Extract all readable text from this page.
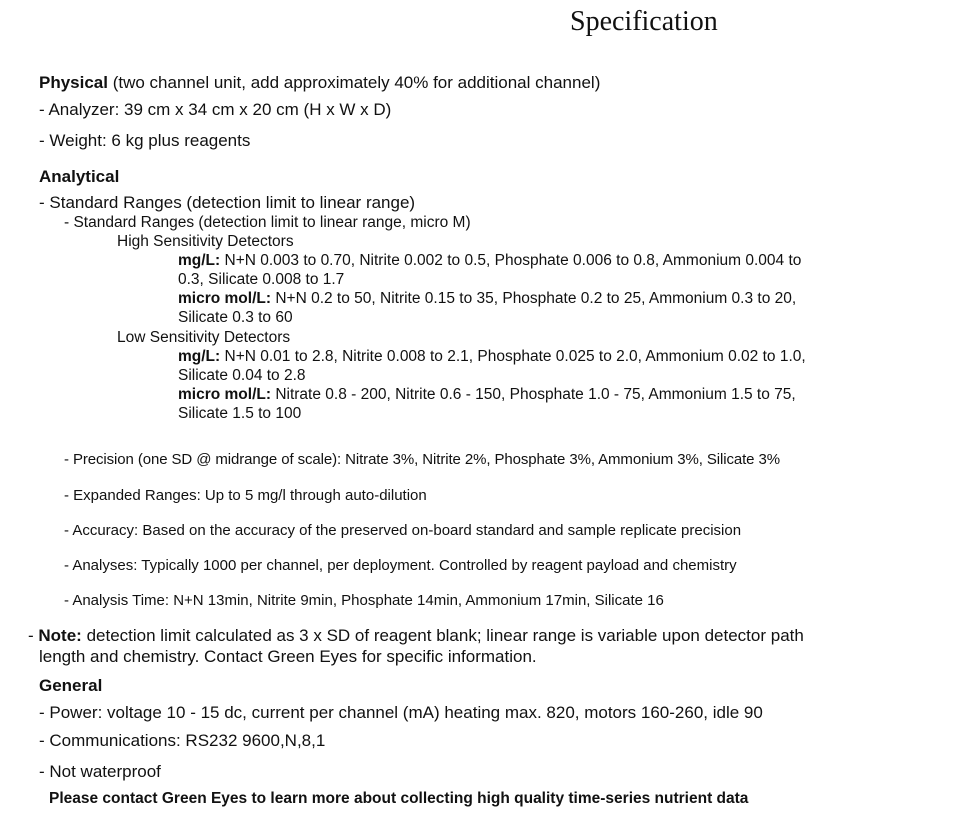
Specification
Physical (two channel unit, add approximately 40% for additional channel)
- Analyzer: 39 cm x 34 cm x 20 cm (H x W x D)
- Weight: 6 kg plus reagents
Analytical
- Standard Ranges (detection limit to linear range)
- Standard Ranges (detection limit to linear range, micro M)
High Sensitivity Detectors
mg/L: N+N 0.003 to 0.70, Nitrite 0.002 to 0.5, Phosphate 0.006 to 0.8, Ammonium 0.004 to
0.3, Silicate 0.008 to 1.7
micro mol/L: N+N 0.2 to 50, Nitrite 0.15 to 35, Phosphate 0.2 to 25, Ammonium 0.3 to 20,
Silicate 0.3 to 60
Low Sensitivity Detectors
mg/L: N+N 0.01 to 2.8, Nitrite 0.008 to 2.1, Phosphate 0.025 to 2.0, Ammonium 0.02 to 1.0,
Silicate 0.04 to 2.8
micro mol/L: Nitrate 0.8 - 200, Nitrite 0.6 - 150, Phosphate 1.0 - 75, Ammonium 1.5 to 75,
Silicate 1.5 to 100
- Precision (one SD @ midrange of scale): Nitrate 3%, Nitrite 2%, Phosphate 3%, Ammonium 3%, Silicate 3%
- Expanded Ranges: Up to 5 mg/l through auto-dilution
- Accuracy: Based on the accuracy of the preserved on-board standard and sample replicate precision
- Analyses: Typically 1000 per channel, per deployment. Controlled by reagent payload and chemistry
- Analysis Time: N+N 13min, Nitrite 9min, Phosphate 14min, Ammonium 17min, Silicate 16
- Note: detection limit calculated as 3 x SD of reagent blank; linear range is variable upon detector path
length and chemistry. Contact Green Eyes for specific information.
General
- Power: voltage 10 - 15 dc, current per channel (mA) heating max. 820, motors 160-260, idle 90
- Communications: RS232 9600,N,8,1
- Not waterproof
Please contact Green Eyes to learn more about collecting high quality time-series nutrient data
